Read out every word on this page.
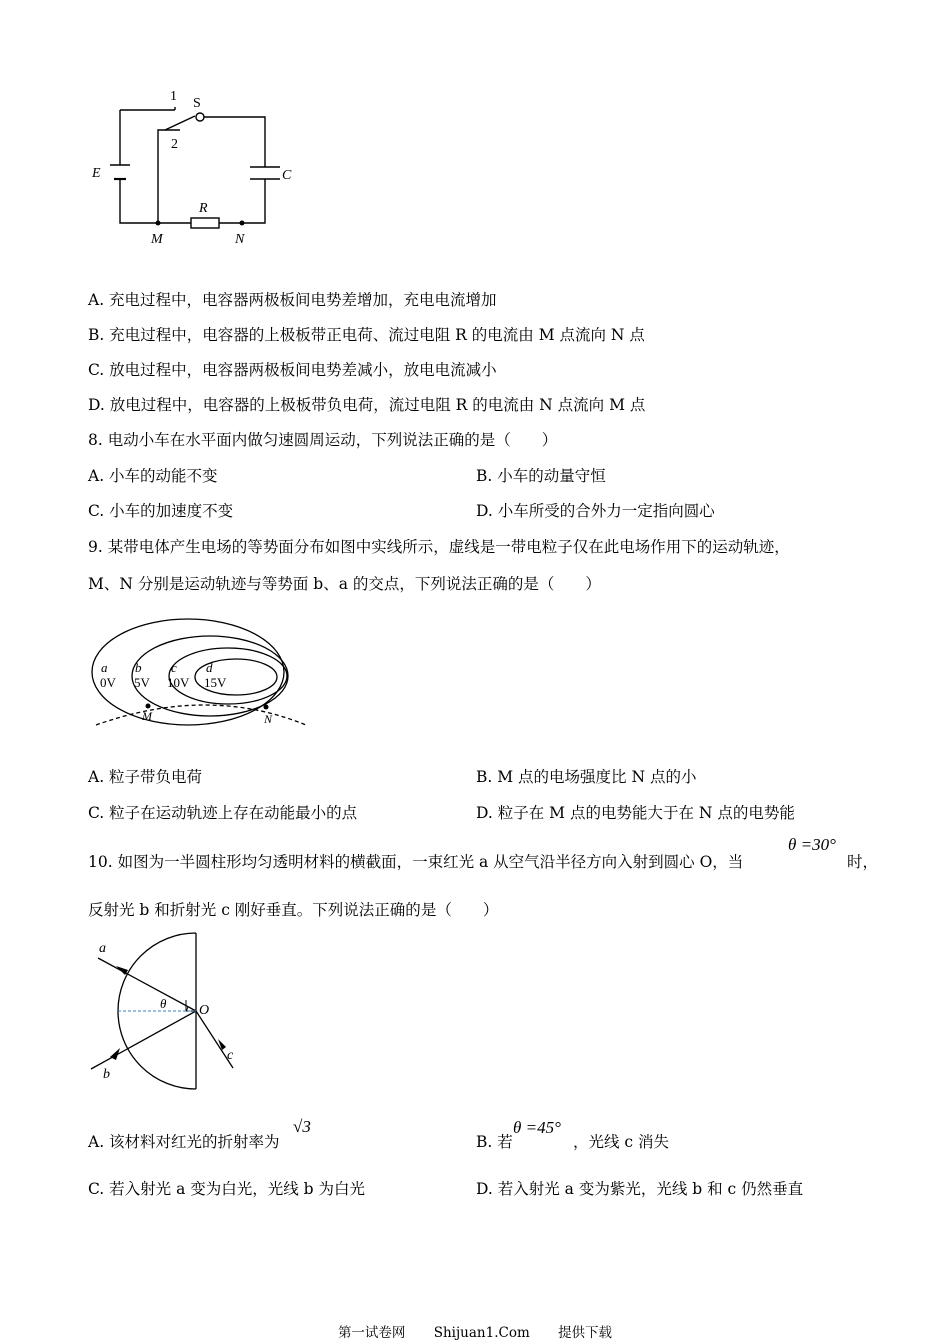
1 S
2
E	C
R
M	N
A. 充电过程中，电容器两极板间电势差增加，充电电流增加
B. 充电过程中，电容器的上极板带正电荷、流过电阻 R 的电流由 M 点流向 N 点
C. 放电过程中，电容器两极板间电势差减小，放电电流减小
D. 放电过程中，电容器的上极板带负电荷，流过电阻 R 的电流由 N 点流向 M 点
8. 电动小车在水平面内做匀速圆周运动，下列说法正确的是（　　）
A. 小车的动能不变	B. 小车的动量守恒
C. 小车的加速度不变	D. 小车所受的合外力一定指向圆心
9. 某带电体产生电场的等势面分布如图中实线所示，虚线是一带电粒子仅在此电场作用下的运动轨迹，
M、N 分别是运动轨迹与等势面 b、a 的交点，下列说法正确的是（　　）
a
0V
b
5V
c
10V
d
15V
M	N
A. 粒子带负电荷	B. M 点的电场强度比 N 点的小
C. 粒子在运动轨迹上存在动能最小的点	D. 粒子在 M 点的电势能大于在 N 点的电势能
10. 如图为一半圆柱形均匀透明材料的横截面，一束红光 a 从空气沿半径方向入射到圆心 O，当
θ =30°
时，
反射光 b 和折射光 c 刚好垂直。下列说法正确的是（　　）
a
b
c
O
θ
A. 该材料对红光的折射率为
√3
B. 若
θ =45°
，光线 c 消失
C. 若入射光 a 变为白光，光线 b 为白光	D. 若入射光 a 变为紫光，光线 b 和 c 仍然垂直
第一试卷网 Shijuan1.Com 提供下载
